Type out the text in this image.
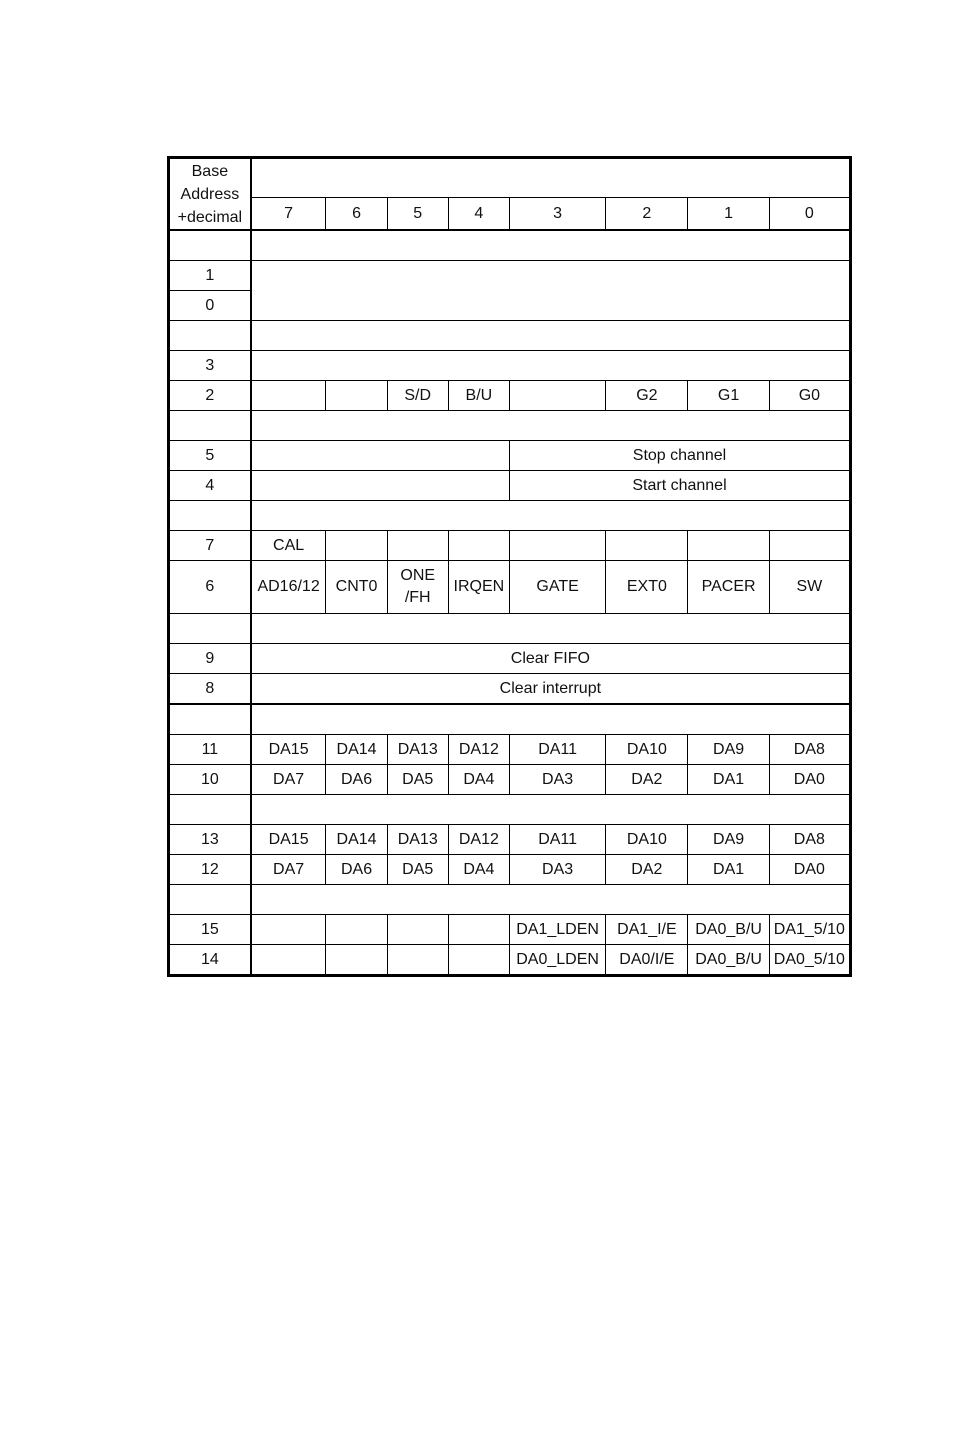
Base
Address
+decimal								
	7	6	5	4	3	2	1	0

1								
0								

3								
2			S/D	B/U		G2	G1	G0

5					Stop channel			
4					Start channel			

7	CAL							
6	AD16/12	CNT0	ONE
/FH	IRQEN	GATE	EXT0	PACER	SW

9	Clear FIFO							
8	Clear interrupt							

11	DA15	DA14	DA13	DA12	DA11	DA10	DA9	DA8
10	DA7	DA6	DA5	DA4	DA3	DA2	DA1	DA0

13	DA15	DA14	DA13	DA12	DA11	DA10	DA9	DA8
12	DA7	DA6	DA5	DA4	DA3	DA2	DA1	DA0

15					DA1_LDEN	DA1_I/E	DA0_B/U	DA1_5/10
14					DA0_LDEN	DA0/I/E	DA0_B/U	DA0_5/10
